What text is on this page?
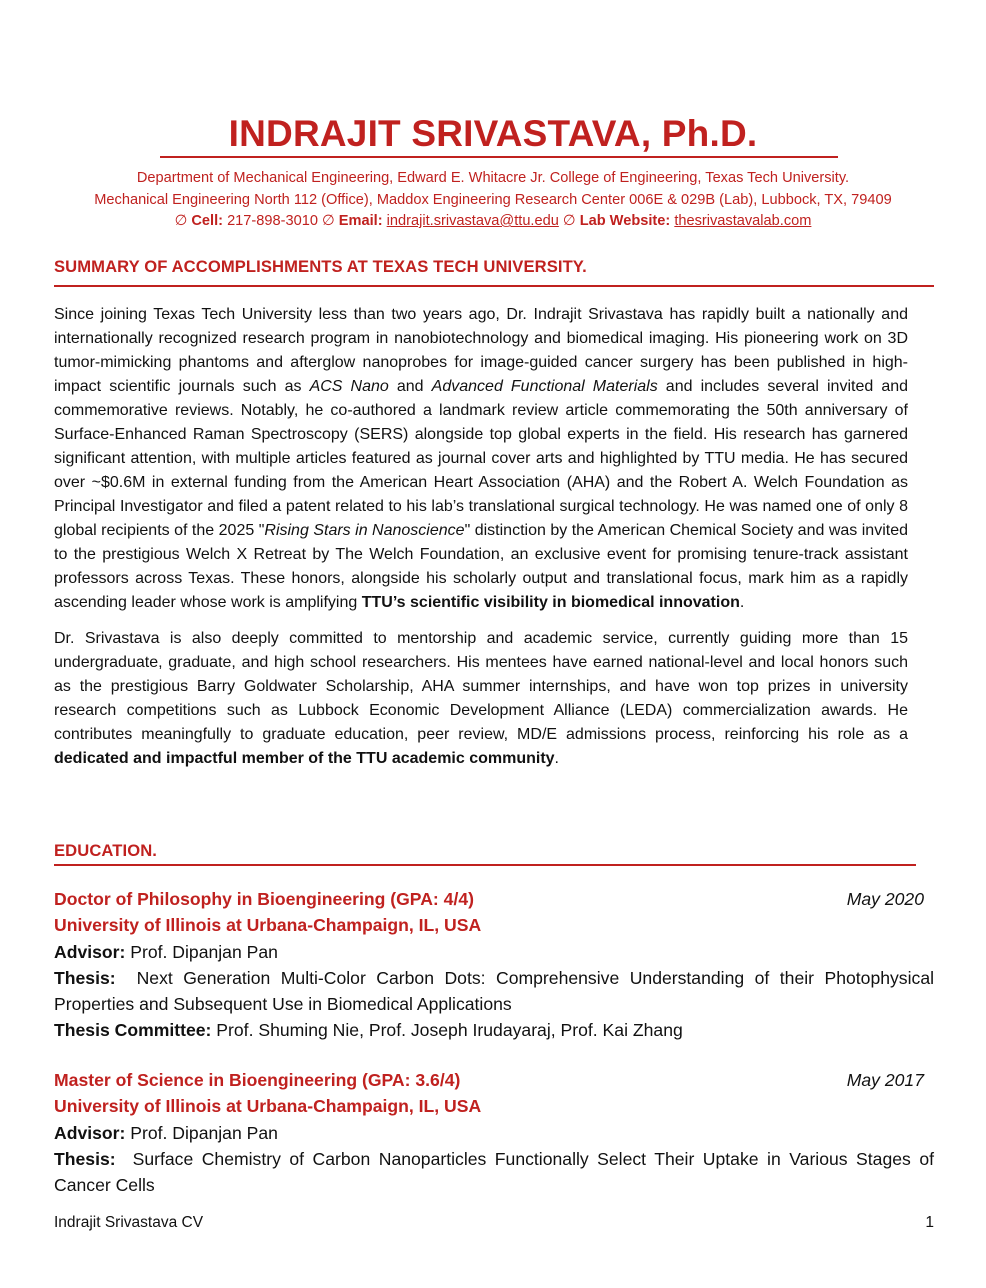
INDRAJIT SRIVASTAVA, Ph.D.
Department of Mechanical Engineering, Edward E. Whitacre Jr. College of Engineering, Texas Tech University.
Mechanical Engineering North 112 (Office), Maddox Engineering Research Center 006E & 029B (Lab), Lubbock, TX, 79409
∅ Cell: 217-898-3010 ∅ Email: indrajit.srivastava@ttu.edu ∅ Lab Website: thesrivastavalab.com
SUMMARY OF ACCOMPLISHMENTS AT TEXAS TECH UNIVERSITY.

Since joining Texas Tech University less than two years ago, Dr. Indrajit Srivastava has rapidly built a nationally and internationally recognized research program in nanobiotechnology and biomedical imaging. His pioneering work on 3D tumor-mimicking phantoms and afterglow nanoprobes for image-guided cancer surgery has been published in high-impact scientific journals such as ACS Nano and Advanced Functional Materials and includes several invited and commemorative reviews. Notably, he co-authored a landmark review article commemorating the 50th anniversary of Surface-Enhanced Raman Spectroscopy (SERS) alongside top global experts in the field. His research has garnered significant attention, with multiple articles featured as journal cover arts and highlighted by TTU media. He has secured over ~$0.6M in external funding from the American Heart Association (AHA) and the Robert A. Welch Foundation as Principal Investigator and filed a patent related to his lab’s translational surgical technology. He was named one of only 8 global recipients of the 2025 "Rising Stars in Nanoscience" distinction by the American Chemical Society and was invited to the prestigious Welch X Retreat by The Welch Foundation, an exclusive event for promising tenure-track assistant professors across Texas. These honors, alongside his scholarly output and translational focus, mark him as a rapidly ascending leader whose work is amplifying TTU’s scientific visibility in biomedical innovation.

Dr. Srivastava is also deeply committed to mentorship and academic service, currently guiding more than 15 undergraduate, graduate, and high school researchers. His mentees have earned national-level and local honors such as the prestigious Barry Goldwater Scholarship, AHA summer internships, and have won top prizes in university research competitions such as Lubbock Economic Development Alliance (LEDA) commercialization awards. He contributes meaningfully to graduate education, peer review, MD/E admissions process, reinforcing his role as a dedicated and impactful member of the TTU academic community.

EDUCATION.
Doctor of Philosophy in Bioengineering (GPA: 4/4)	May 2020
University of Illinois at Urbana-Champaign, IL, USA
Advisor: Prof. Dipanjan Pan
Thesis: Next Generation Multi-Color Carbon Dots: Comprehensive Understanding of their Photophysical Properties and Subsequent Use in Biomedical Applications
Thesis Committee: Prof. Shuming Nie, Prof. Joseph Irudayaraj, Prof. Kai Zhang
Master of Science in Bioengineering (GPA: 3.6/4)	May 2017
University of Illinois at Urbana-Champaign, IL, USA
Advisor: Prof. Dipanjan Pan
Thesis: Surface Chemistry of Carbon Nanoparticles Functionally Select Their Uptake in Various Stages of Cancer Cells
Indrajit Srivastava CV	1
